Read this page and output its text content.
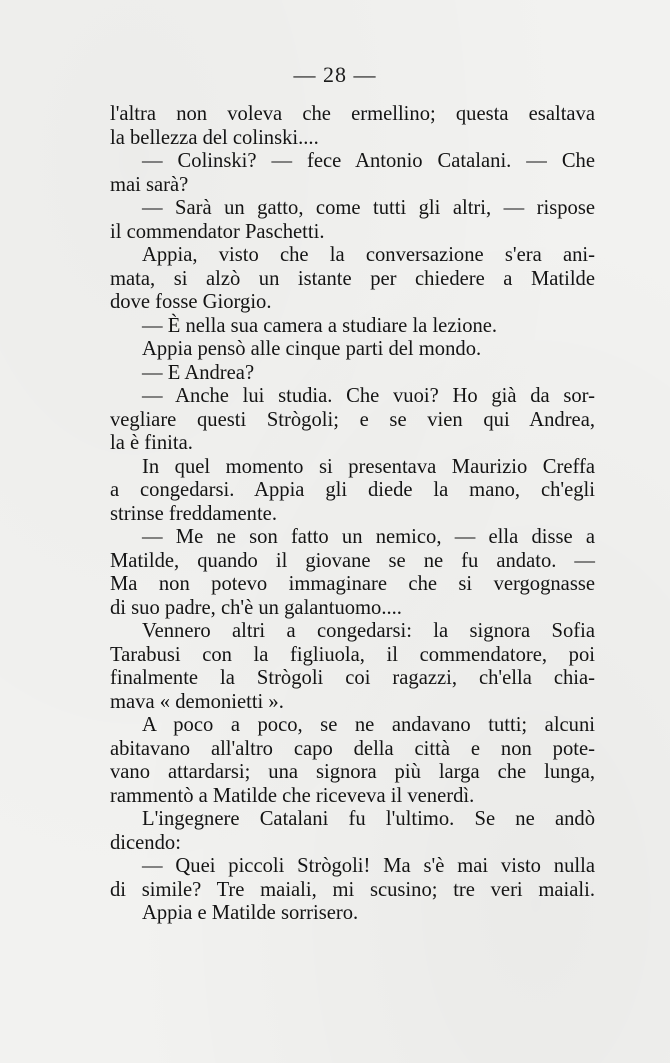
— 28 —
l'altra non voleva che ermellino; questa esaltava
la bellezza del colinski....
— Colinski? — fece Antonio Catalani. — Che
mai sarà?
— Sarà un gatto, come tutti gli altri, — rispose
il commendator Paschetti.
Appia, visto che la conversazione s'era ani-
mata, si alzò un istante per chiedere a Matilde
dove fosse Giorgio.
— È nella sua camera a studiare la lezione.
Appia pensò alle cinque parti del mondo.
— E Andrea?
— Anche lui studia. Che vuoi? Ho già da sor-
vegliare questi Strògoli; e se vien qui Andrea,
la è finita.
In quel momento si presentava Maurizio Creffa
a congedarsi. Appia gli diede la mano, ch'egli
strinse freddamente.
— Me ne son fatto un nemico, — ella disse a
Matilde, quando il giovane se ne fu andato. —
Ma non potevo immaginare che si vergognasse
di suo padre, ch'è un galantuomo....
Vennero altri a congedarsi: la signora Sofia
Tarabusi con la figliuola, il commendatore, poi
finalmente la Strògoli coi ragazzi, ch'ella chia-
mava « demonietti ».
A poco a poco, se ne andavano tutti; alcuni
abitavano all'altro capo della città e non pote-
vano attardarsi; una signora più larga che lunga,
rammentò a Matilde che riceveva il venerdì.
L'ingegnere Catalani fu l'ultimo. Se ne andò
dicendo:
— Quei piccoli Strògoli! Ma s'è mai visto nulla
di simile? Tre maiali, mi scusino; tre veri maiali.
Appia e Matilde sorrisero.
